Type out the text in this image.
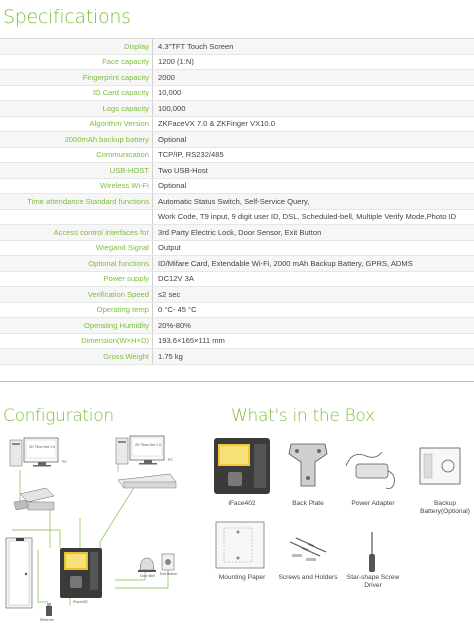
Specifications
Display	4.3"TFT Touch Screen
Face capacity	1200 (1:N)
Fingerprint capacity	2000
ID Card capacity	10,000
Logs capacity	100,000
Algorithm Version	ZKFaceVX 7.0 & ZKFinger VX10.0
2000mAh backup battery	Optional
Communication	TCP/IP, RS232/485
USB-HOST	Two USB-Host
Wireless Wi-Fi	Optional
Time attendance Standard functions	Automatic Status Switch, Self-Service Query,
Work Code, T9 input, 9 digit user ID, DSL, Scheduled-bell, Multiple Verify Mode,Photo ID
Access control interfaces for	3rd Party Electric Lock, Door Sensor, Exit Button
Wiegand Signal	Output
Optional functions	ID/Mifare Card, Extendable Wi-Fi, 2000 mAh Backup Battery, GPRS, ADMS
Power supply	DC12V 3A
Verification Speed	≤2 sec
Operating temp	0 °C- 45 °C
Operating Humidity	20%-80%
Dimension(W×H×D)	193.6×165×111 mm
Gross Weight	1.75 kg
Configuration	What's in the Box
ZK Time.Net 1.0	ZK Time.Net 1.0
PC	PC
iFace402
Door Bell Exit Button
Ethernet
iFace402	Back Plate	Power Adapter	Backup Battery(Optional)
Mounting Paper	Screws and Holders	Star-shape Screw Driver
